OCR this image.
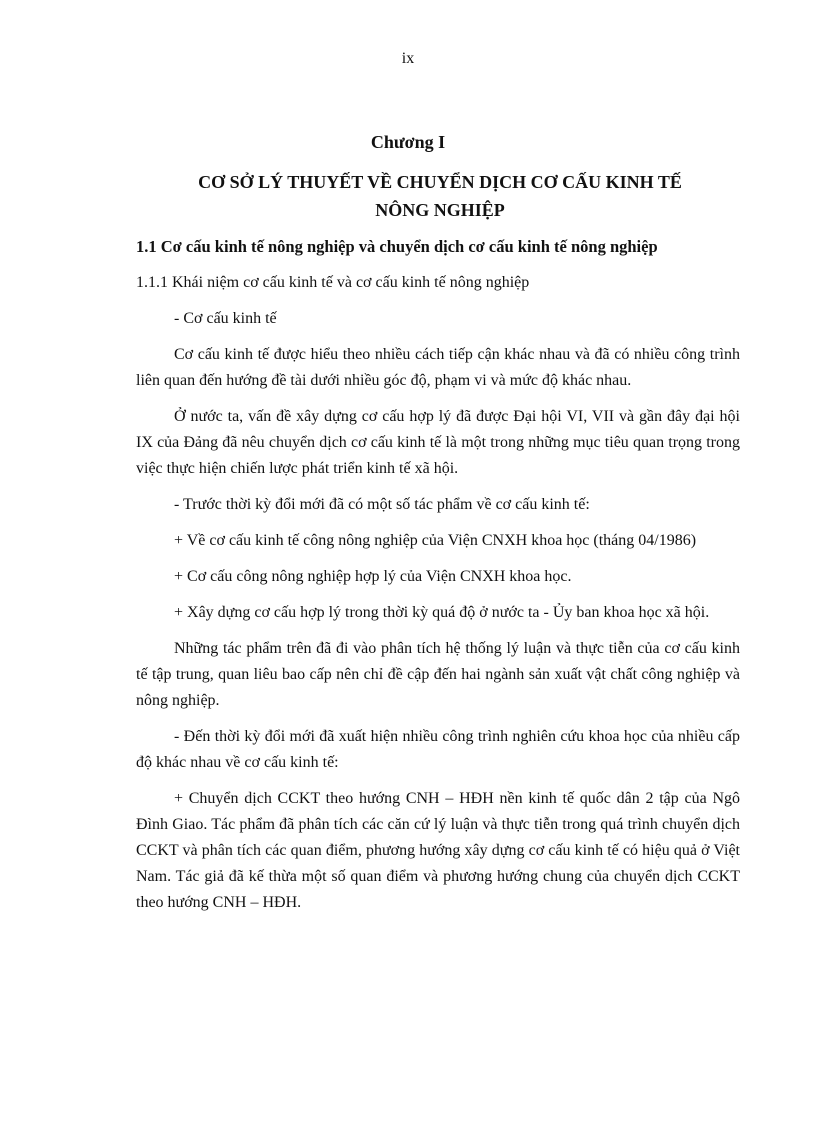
ix
Chương I
CƠ SỞ LÝ THUYẾT VỀ CHUYỂN DỊCH CƠ CẤU KINH TẾ
NÔNG NGHIỆP

1.1 Cơ cấu kinh tế nông nghiệp và chuyển dịch cơ cấu kinh tế nông nghiệp

1.1.1 Khái niệm cơ cấu kinh tế và cơ cấu kinh tế nông nghiệp

- Cơ cấu kinh tế

Cơ cấu kinh tế được hiểu theo nhiều cách tiếp cận khác nhau và đã có nhiều công trình liên quan đến hướng đề tài dưới nhiều góc độ, phạm vi và mức độ khác nhau.

Ở nước ta, vấn đề xây dựng cơ cấu hợp lý đã được Đại hội VI, VII và gần đây đại hội IX của Đảng đã nêu chuyển dịch cơ cấu kinh tế là một trong những mục tiêu quan trọng trong việc thực hiện chiến lược phát triển kinh tế xã hội.

- Trước thời kỳ đổi mới đã có một số tác phẩm về cơ cấu kinh tế:

+ Về cơ cấu kinh tế công nông nghiệp của Viện CNXH khoa học (tháng 04/1986)

+ Cơ cấu công nông nghiệp hợp lý của Viện CNXH khoa học.

+ Xây dựng cơ cấu hợp lý trong thời kỳ quá độ ở nước ta - Ủy ban khoa học xã hội.

Những tác phẩm trên đã đi vào phân tích hệ thống lý luận và thực tiễn của cơ cấu kinh tế tập trung, quan liêu bao cấp nên chỉ đề cập đến hai ngành sản xuất vật chất công nghiệp và nông nghiệp.

- Đến thời kỳ đổi mới đã xuất hiện nhiều công trình nghiên cứu khoa học của nhiều cấp độ khác nhau về cơ cấu kinh tế:

+ Chuyển dịch CCKT theo hướng CNH – HĐH nền kinh tế quốc dân 2 tập của Ngô Đình Giao. Tác phẩm đã phân tích các căn cứ lý luận và thực tiễn trong quá trình chuyển dịch CCKT và phân tích các quan điểm, phương hướng xây dựng cơ cấu kinh tế có hiệu quả ở Việt Nam. Tác giả đã kế thừa một số quan điểm và phương hướng chung của chuyển dịch CCKT theo hướng CNH – HĐH.
